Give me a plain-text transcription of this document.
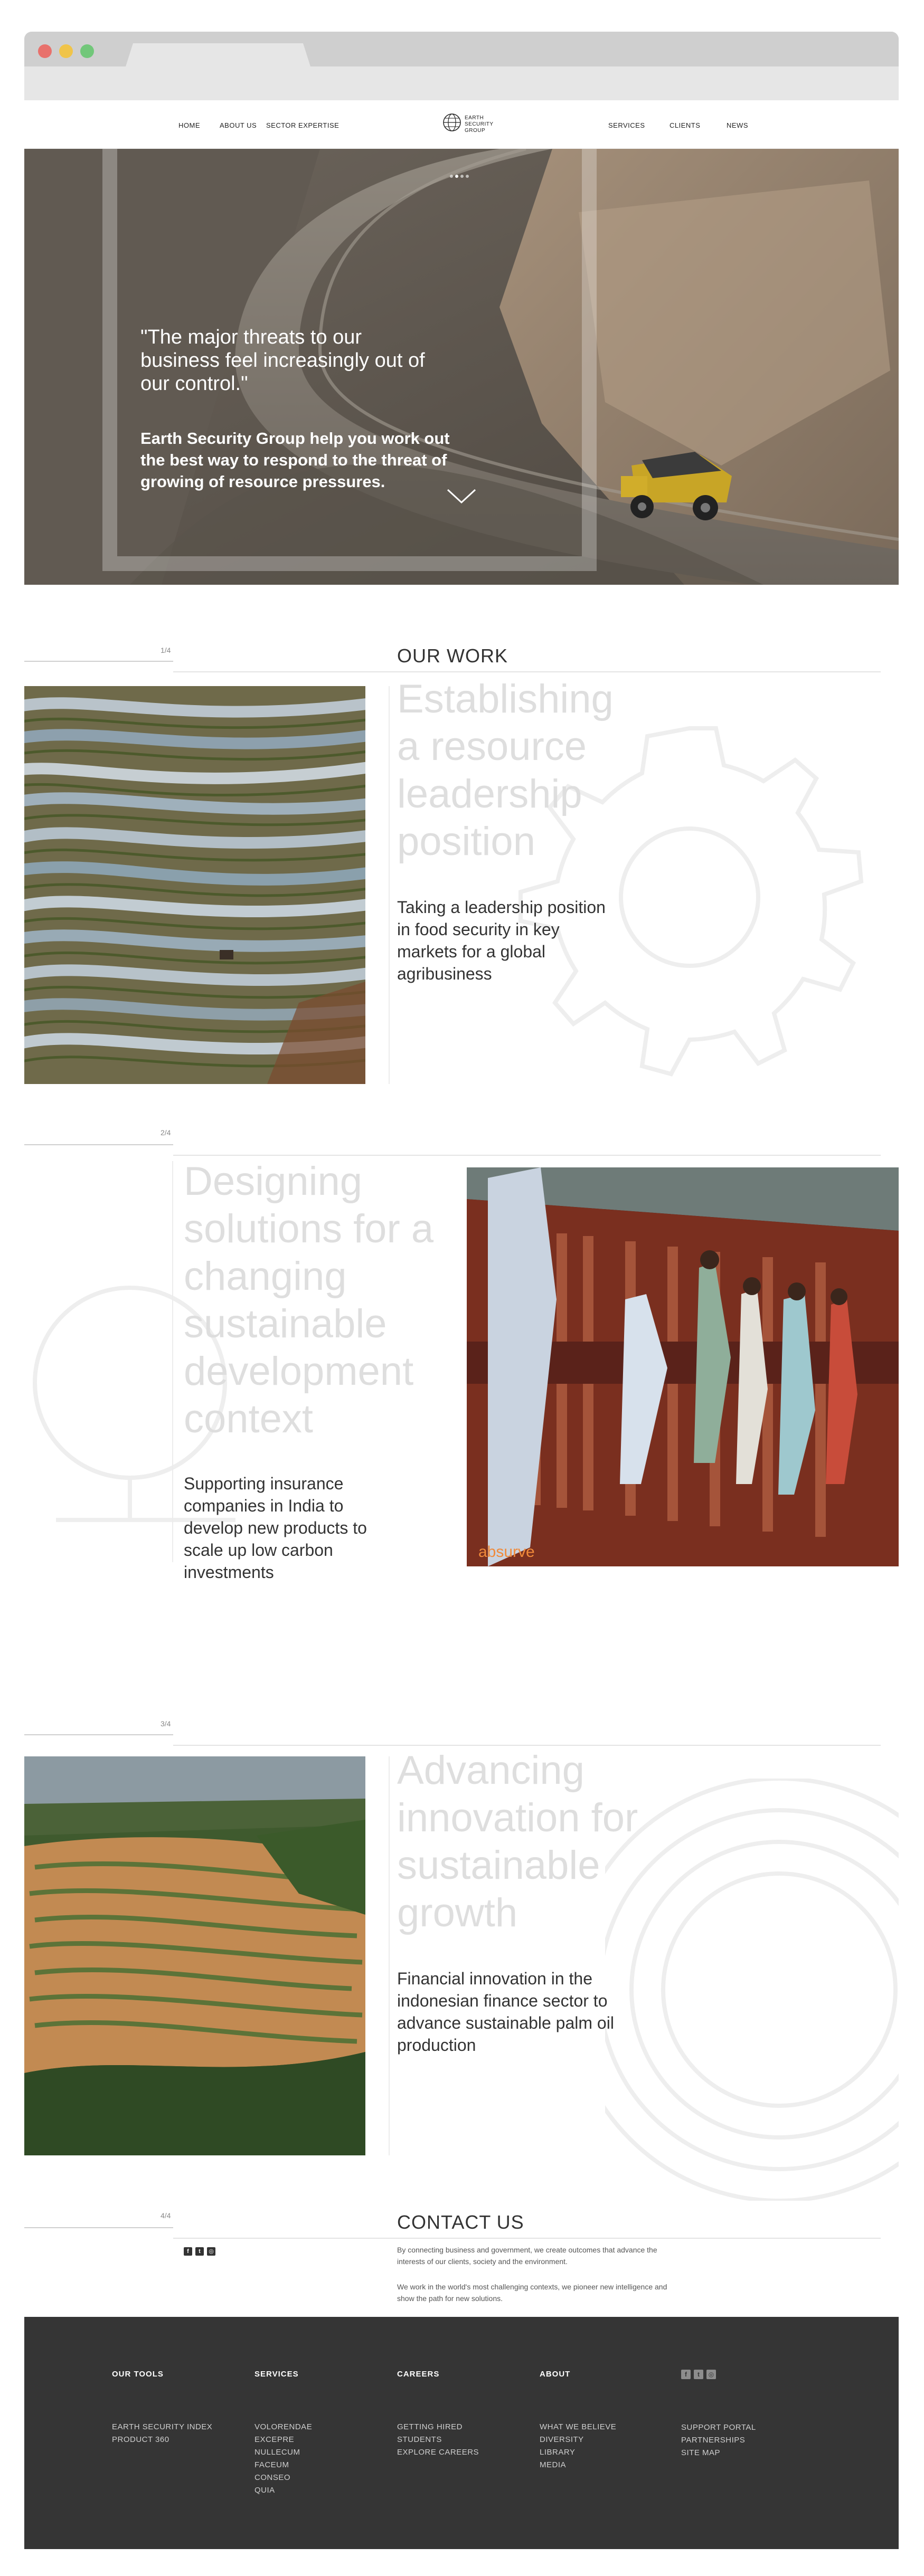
HOME	ABOUT US SECTOR EXPERTISE
EARTH
SECURITY
GROUP
SERVICES	CLIENTS	NEWS
"The major threats to our business feel increasingly out of our control."
Earth Security Group help you work out the best way to respond to the threat of growing of resource pressures.
1/4	OUR WORK
Establishing a resource leadership position
Taking a leadership position in food security in key markets for a global agribusiness
2/4
Designing solutions for a changing sustainable development context
Supporting insurance companies in India to develop new products to scale up low carbon investments
absurve
3/4
Advancing innovation for sustainable growth
Financial innovation in the indonesian finance sector to advance sustainable palm oil production
4/4	CONTACT US
f t ◎	By connecting business and government, we create outcomes that advance the interests of our clients, society and the environment.
We work in the world's most challenging contexts, we pioneer new intelligence and show the path for new solutions.
OUR TOOLS
EARTH SECURITY INDEX
PRODUCT 360
SERVICES
VOLORENDAE
EXCEPRE
NULLECUM
FACEUM
CONSEO
QUIA
CAREERS
GETTING HIRED
STUDENTS
EXPLORE CAREERS
ABOUT
WHAT WE BELIEVE
DIVERSITY
LIBRARY
MEDIA
f t ◎
SUPPORT PORTAL
PARTNERSHIPS
SITE MAP
